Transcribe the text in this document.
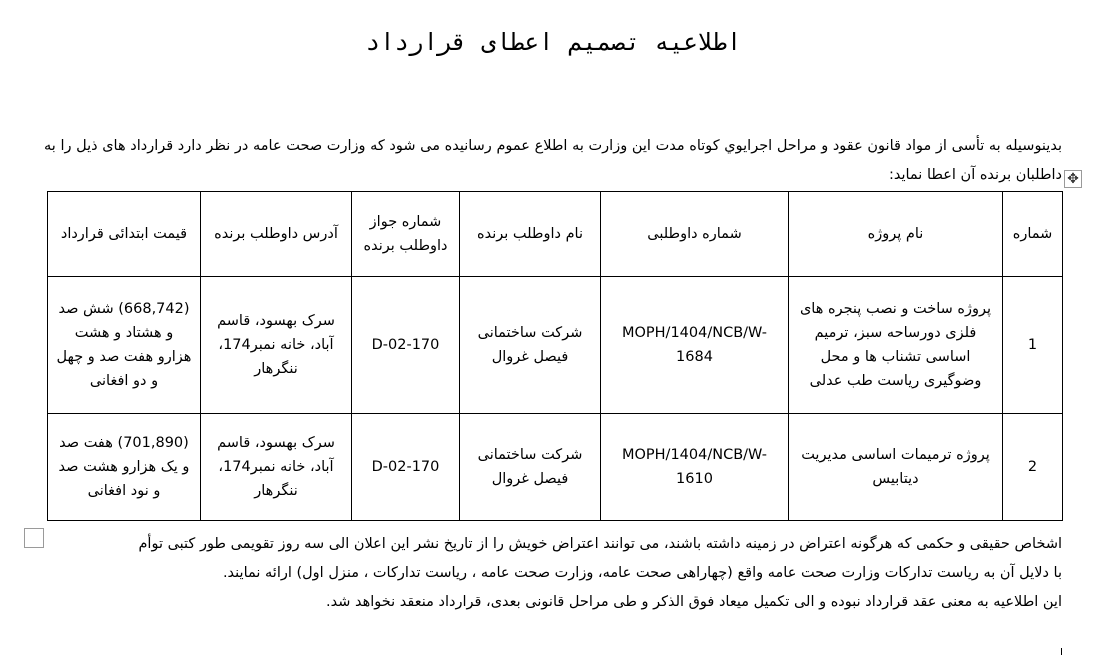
اطلاعیه تصمیم اعطای قرارداد
بدینوسیله به تأسی از مواد قانون عقود و مراحل اجرایوي کوتاه مدت این وزارت به اطلاع عموم رسانیده می شود که وزارت صحت عامه در نظر دارد قرارداد های ذیل را به داطلبان برنده آن اعطا نماید: ✥
شماره	نام پروژه	شماره داوطلبی	نام داوطلب برنده	شماره جواز داوطلب برنده	آدرس داوطلب برنده	قیمت ابتدائی قرارداد
1	پروژه ساخت و نصب پنجره های فلزی دورساحه سبز، ترمیم اساسی تشناب ها و محل وضوگیری ریاست طب عدلی	MOPH/1404/NCB/W-1684	شرکت ساختمانی فیصل غروال	D-02-170	سرک بهسود، قاسم آباد، خانه نمبر174، ننگرهار	(668,742) شش صد و هشتاد و هشت هزارو هفت صد و چهل و دو افغانی
2	پروژه ترمیمات اساسی مدیریت دیتابیس	MOPH/1404/NCB/W-1610	شرکت ساختمانی فیصل غروال	D-02-170	سرک بهسود، قاسم آباد، خانه نمبر174، ننگرهار	(701,890) هفت صد و یک هزارو هشت صد و نود افغانی

اشخاص حقیقی و حکمی که هرگونه اعتراض در زمینه داشته باشند، می توانند اعتراض خویش را از تاریخ نشر این اعلان الی سه روز تقویمی طور کتبی توأم

با دلایل آن به ریاست تدارکات وزارت صحت عامه واقع (چهاراهی صحت عامه، وزارت صحت عامه ، ریاست تدارکات ، منزل اول) ارائه نمایند.

این اطلاعیه به معنی عقد قرارداد نبوده و الی تکمیل میعاد فوق الذکر و طی مراحل قانونی بعدی، قرارداد منعقد نخواهد شد.
